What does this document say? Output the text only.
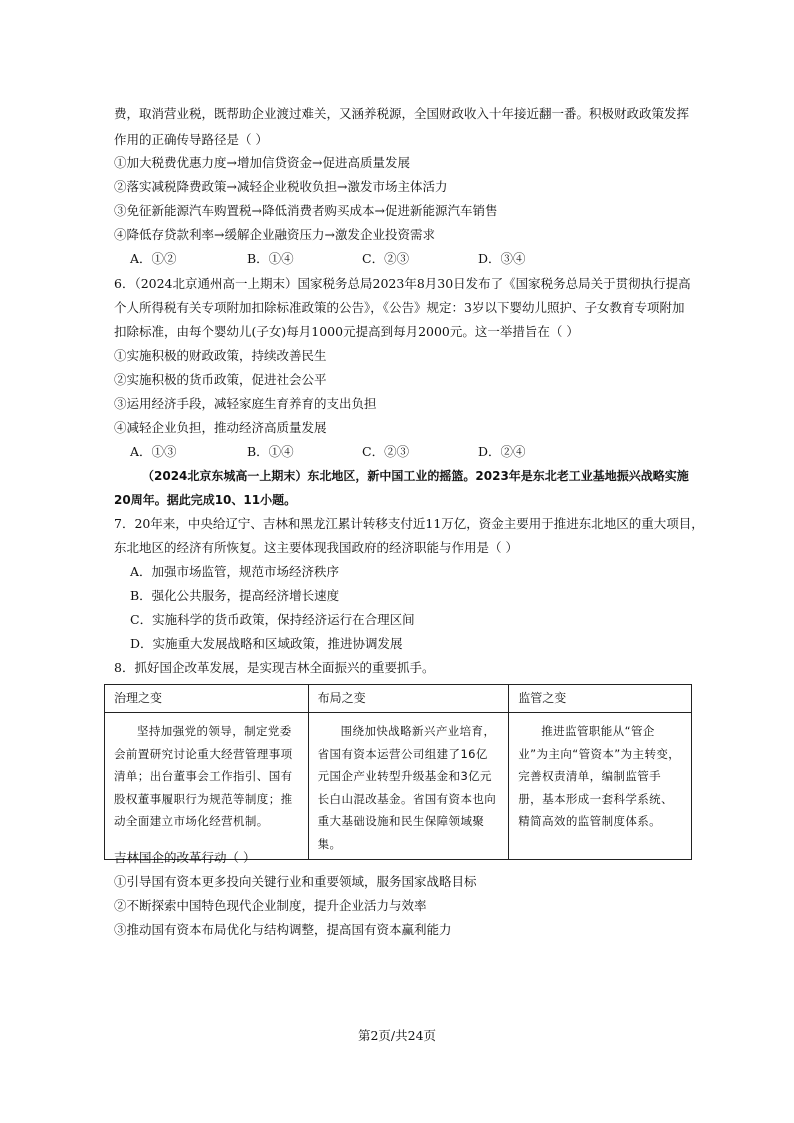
费，取消营业税，既帮助企业渡过难关，又涵养税源，全国财政收入十年接近翻一番。积极财政政策发挥
作用的正确传导路径是（ ）
①加大税费优惠力度→增加信贷资金→促进高质量发展
②落实减税降费政策→减轻企业税收负担→激发市场主体活力
③免征新能源汽车购置税→降低消费者购买成本→促进新能源汽车销售
④降低存贷款利率→缓解企业融资压力→激发企业投资需求
A．①②	B．①④	C．②③	D．③④
6．（2024北京通州高一上期末）国家税务总局2023年8月30日发布了《国家税务总局关于贯彻执行提高
个人所得税有关专项附加扣除标准政策的公告》，《公告》规定：3岁以下婴幼儿照护、子女教育专项附加
扣除标准，由每个婴幼儿(子女)每月1000元提高到每月2000元。这一举措旨在（ ）
①实施积极的财政政策，持续改善民生
②实施积极的货币政策，促进社会公平
③运用经济手段，减轻家庭生育养育的支出负担
④减轻企业负担，推动经济高质量发展
A．①③	B．①④	C．②③	D．②④
（2024北京东城高一上期末）东北地区，新中国工业的摇篮。2023年是东北老工业基地振兴战略实施
20周年。据此完成10、11小题。
7．20年来，中央给辽宁、吉林和黑龙江累计转移支付近11万亿，资金主要用于推进东北地区的重大项目，
东北地区的经济有所恢复。这主要体现我国政府的经济职能与作用是（ ）
A．加强市场监管，规范市场经济秩序
B．强化公共服务，提高经济增长速度
C．实施科学的货币政策，保持经济运行在合理区间
D．实施重大发展战略和区域政策，推进协调发展
8．抓好国企改革发展，是实现吉林全面振兴的重要抓手。
治理之变	布局之变	监管之变

坚持加强党的领导，制定党委会前置研究讨论重大经营管理事项清单；出台董事会工作指引、国有股权董事履职行为规范等制度；推动全面建立市场化经营机制。	围绕加快战略新兴产业培育，省国有资本运营公司组建了16亿元国企产业转型升级基金和3亿元长白山混改基金。省国有资本也向重大基础设施和民生保障领域聚集。	推进监管职能从“管企业”为主向“管资本”为主转变，完善权责清单，编制监管手册，基本形成一套科学系统、精简高效的监管制度体系。
吉林国企的改革行动（ ）
①引导国有资本更多投向关键行业和重要领域，服务国家战略目标
②不断探索中国特色现代企业制度，提升企业活力与效率
③推动国有资本布局优化与结构调整，提高国有资本赢利能力
第2页/共24页
